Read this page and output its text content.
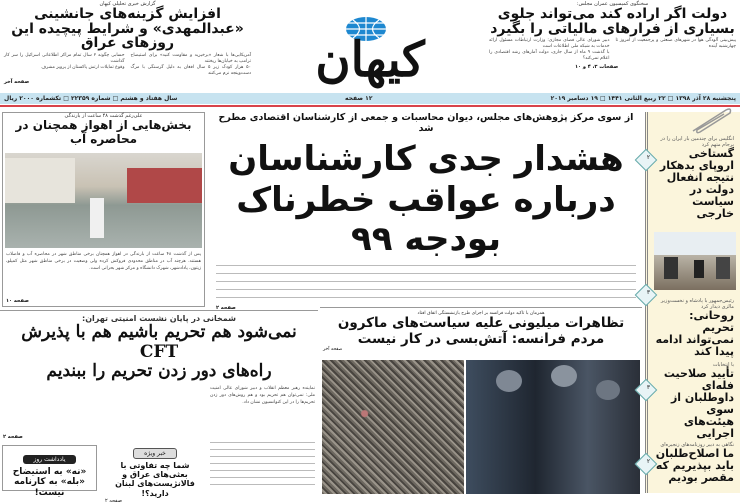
گزارش خبری تحلیلی کیهان
افزایش گزینه‌های جانشینی «عبدالمهدی» و شرایط پیچیده این روزهای عراق
آمریکایی‌ها با شعار «برخیزید و مقاومت کنید» برای استیضاح ترامپ به خیابان‌ها ریختند
حسابی چگونه ۲ سال تمام مراکز اطلاعاتی اسرائیل را سر کار گذاشت
۵۰ هزار کودک زیر ۵ سال افغان به دلیل گرسنگی با مرگ دست‌وپنجه نرم می‌کنند
وقوع تمایلات ارتش پاکستان از پرویز مشرف
صفحه آخر	کیهان
سخنگوی کمیسیون عمران مجلس:
دولت اگر اراده کند می‌تواند جلوی بسیاری از فرارهای مالیاتی را بگیرد
پیش‌بینی آلودگی هوا در شهرهای صنعتی و پرجمعیت از امروز تا چهارشنبه آینده
دبیر شورای عالی فضای مجازی: وزارت ارتباطات مسئول ارائه خدمات به شبکه ملی اطلاعات است
با گذشت ۹ ماه از سال جاری، دولت آمارهای رشد اقتصادی را اعلام نمی‌کند؟
صفحات ۳، ۴ و ۱۰
پنجشنبه ۲۸ آذر ۱۳۹۸ □ ۲۲ ربیع الثانی ۱۴۴۱ □ ۱۹ دسامبر ۲۰۱۹
۱۲ صفحه
سال هفتاد و هشتم □ شماره ۲۲۳۵۹ □ تکشماره ۲۰۰۰ ریال
از سوی مرکز پژوهش‌های مجلس، دیوان محاسبات و جمعی از کارشناسان اقتصادی مطرح شد
هشدار جدی کارشناسان
درباره عواقب خطرناک بودجه ۹۹
صفحه ۲
علی‌رغم گذشت ۴۸ ساعت از بارندگی
بخش‌هایی از اهواز همچنان در محاصره آب
پس از گذشت ۴۸ ساعت از بارندگی در اهواز همچنان برخی مناطق شهر در محاصره آب و فاضلاب هستند. هرچند آب در مناطق محدودی فروکش کرده ولی وضعیت در برخی مناطق شهر مثل کمپلو، زیتون، پادادشهر، شهرک دانشگاه و مرکز شهر بحرانی است.
صفحه ۱۰
شمخانی در پایان نشست امنیتی تهران:
نمی‌شود هم تحریم باشیم هم با پذیرش CFT
راه‌های دور زدن تحریم را ببندیم
نماینده رهبر معظم انقلاب و دبیر شورای عالی امنیت ملی: نمی‌توان هم تحریم بود و هم روش‌های دور زدن تحریم‌ها را در این کنوانسیون نشان داد.
صفحه ۲
یادداشت روز
«نه» به استیضاح «بله» به کارنامه نیست!
خبر ویژه
شما چه تفاوتی با بعثی‌های عراق و فالانژیست‌های لبنان دارید؟!
صفحه ۲
همزمان با تاکید دولت فرانسه بر اجرای طرح بازنشستگی اتفاق افتاد
تظاهرات میلیونی علیه سیاست‌های ماکرون
مردم فرانسه: آتش‌بسی در کار نیست
صفحه آخر
۲
انگلیس برای چندمین بار ایران را در برجام متهم کرد
گستاخی اروپای بدهکار نتیجه انفعال دولت در سیاست خارجی
۳
رئیس‌جمهور با پادشاه و نخست‌وزیر مالزی دیدار کرد
روحانی: تحریم نمی‌تواند ادامه پیدا کند
۳
با انتخابات
تأیید صلاحیت فله‌ای داوطلبان از سوی هیئت‌های اجرایی
۲
نگاهی به دبیر روزنامه‌های زنجیره‌ای
ما اصلاح‌طلبان باید بپذیریم که مقصر بودیم
